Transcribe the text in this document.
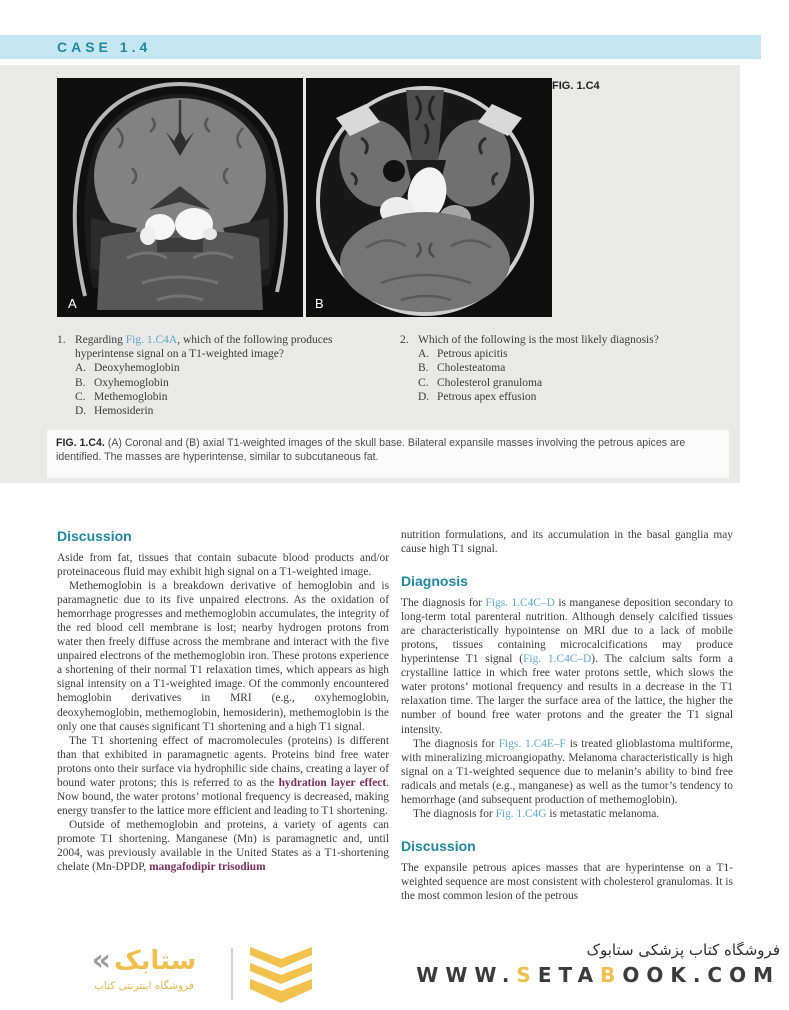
CASE 1.4
A	B
FIG. 1.C4
1. Regarding Fig. 1.C4A, which of the following produces hyperintense signal on a T1-weighted image?
A. Deoxyhemoglobin
B. Oxyhemoglobin
C. Methemoglobin
D. Hemosiderin
2. Which of the following is the most likely diagnosis?
A. Petrous apicitis
B. Cholesteatoma
C. Cholesterol granuloma
D. Petrous apex effusion
FIG. 1.C4. (A) Coronal and (B) axial T1-weighted images of the skull base. Bilateral expansile masses involving the petrous apices are identified. The masses are hyperintense, similar to subcutaneous fat.
Discussion

Aside from fat, tissues that contain subacute blood products and/or proteinaceous fluid may exhibit high signal on a T1-weighted image.

Methemoglobin is a breakdown derivative of hemoglobin and is paramagnetic due to its five unpaired electrons. As the oxidation of hemorrhage progresses and methemoglobin accumulates, the integrity of the red blood cell membrane is lost; nearby hydrogen protons from water then freely diffuse across the membrane and interact with the five unpaired electrons of the methemoglobin iron. These protons experience a shortening of their normal T1 relaxation times, which appears as high signal intensity on a T1-weighted image. Of the commonly encountered hemoglobin derivatives in MRI (e.g., oxyhemoglobin, deoxyhemoglobin, methemoglobin, hemosiderin), methemoglobin is the only one that causes significant T1 shortening and a high T1 signal.

The T1 shortening effect of macromolecules (proteins) is different than that exhibited in paramagnetic agents. Proteins bind free water protons onto their surface via hydrophilic side chains, creating a layer of bound water protons; this is referred to as the hydration layer effect. Now bound, the water protons’ motional frequency is decreased, making energy transfer to the lattice more efficient and leading to T1 shortening.

Outside of methemoglobin and proteins, a variety of agents can promote T1 shortening. Manganese (Mn) is paramagnetic and, until 2004, was previously available in the United States as a T1-shortening chelate (Mn-DPDP, mangafodipir trisodium

nutrition formulations, and its accumulation in the basal ganglia may cause high T1 signal.

Diagnosis

The diagnosis for Figs. 1.C4C–D is manganese deposition secondary to long-term total parenteral nutrition. Although densely calcified tissues are characteristically hypointense on MRI due to a lack of mobile protons, tissues containing microcalcifications may produce hyperintense T1 signal (Fig. 1.C4C–D). The calcium salts form a crystalline lattice in which free water protons settle, which slows the water protons’ motional frequency and results in a decrease in the T1 relaxation time. The larger the surface area of the lattice, the higher the number of bound free water protons and the greater the T1 signal intensity.

The diagnosis for Figs. 1.C4E–F is treated glioblastoma multiforme, with mineralizing microangiopathy. Melanoma characteristically is high signal on a T1-weighted sequence due to melanin’s ability to bind free radicals and metals (e.g., manganese) as well as the tumor’s tendency to hemorrhage (and subsequent production of methemoglobin).

The diagnosis for Fig. 1.C4G is metastatic melanoma.

Discussion

The expansile petrous apices masses that are hyperintense on a T1-weighted sequence are most consistent with cholesterol granulomas. It is the most common lesion of the petrous

« ستابک
فروشگاه اینترنتی کتاب
فروشگاه کتاب پزشکی ستابوک
WWW.SETABOOK.COM
